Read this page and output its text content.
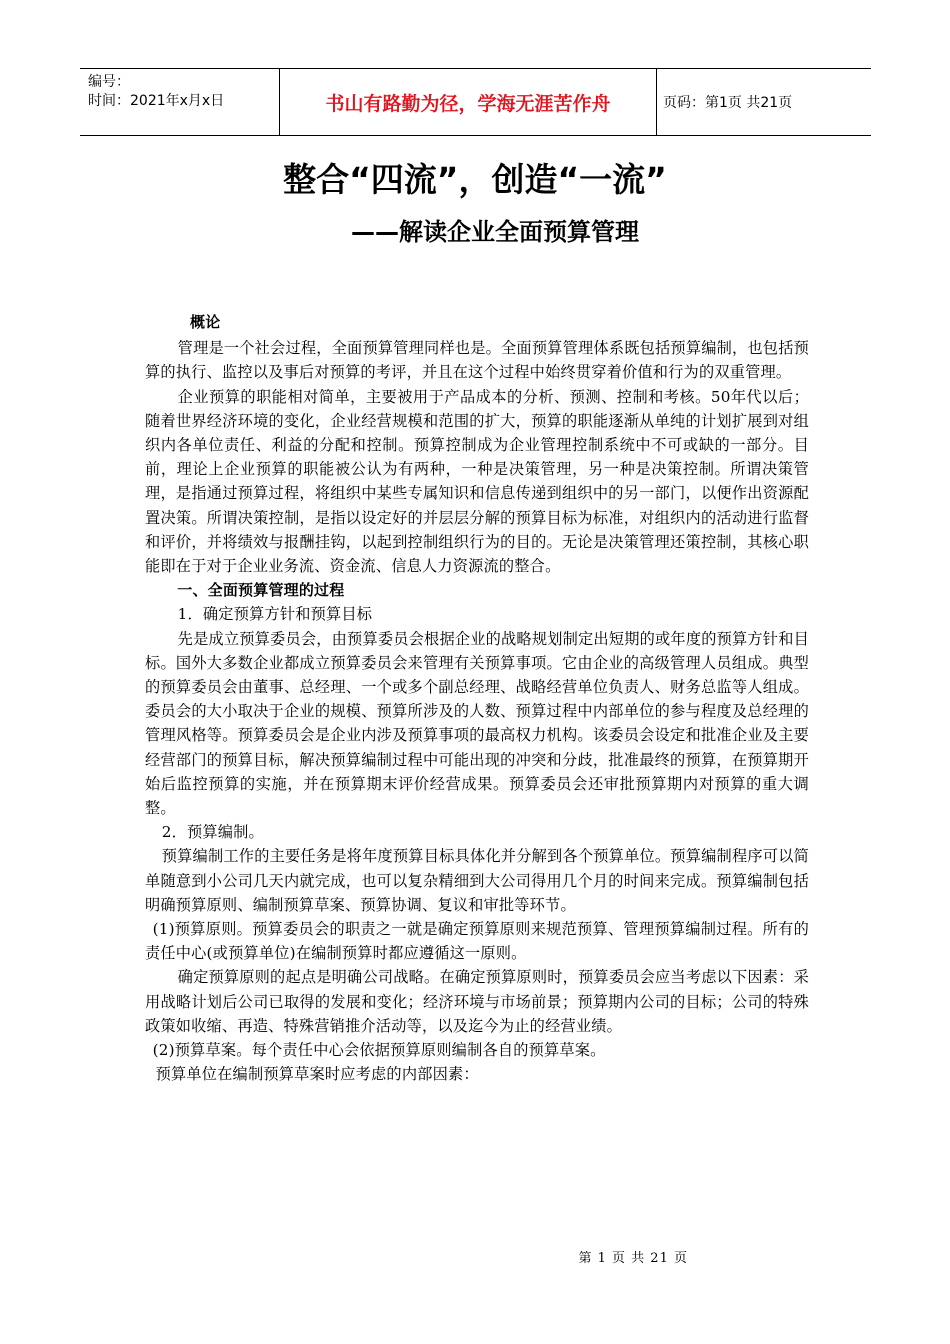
编号：
时间：2021年x月x日	书山有路勤为径，学海无涯苦作舟	页码：第1页 共21页
整合“四流”，创造“一流”
——解读企业全面预算管理

概论

管理是一个社会过程，全面预算管理同样也是。全面预算管理体系既包括预算编制，也包括预算的执行、监控以及事后对预算的考评，并且在这个过程中始终贯穿着价值和行为的双重管理。

企业预算的职能相对简单，主要被用于产品成本的分析、预测、控制和考核。50年代以后；随着世界经济环境的变化，企业经营规模和范围的扩大，预算的职能逐渐从单纯的计划扩展到对组织内各单位责任、利益的分配和控制。预算控制成为企业管理控制系统中不可或缺的一部分。目前，理论上企业预算的职能被公认为有两种，一种是决策管理，另一种是决策控制。所谓决策管理，是指通过预算过程，将组织中某些专属知识和信息传递到组织中的另一部门，以便作出资源配置决策。所谓决策控制，是指以设定好的并层层分解的预算目标为标准，对组织内的活动进行监督和评价，并将绩效与报酬挂钩，以起到控制组织行为的目的。无论是决策管理还策控制，其核心职能即在于对于企业业务流、资金流、信息人力资源流的整合。

一、全面预算管理的过程

1．确定预算方针和预算目标

先是成立预算委员会，由预算委员会根据企业的战略规划制定出短期的或年度的预算方针和目标。国外大多数企业都成立预算委员会来管理有关预算事项。它由企业的高级管理人员组成。典型的预算委员会由董事、总经理、一个或多个副总经理、战略经营单位负责人、财务总监等人组成。委员会的大小取决于企业的规模、预算所涉及的人数、预算过程中内部单位的参与程度及总经理的管理风格等。预算委员会是企业内涉及预算事项的最高权力机构。该委员会设定和批准企业及主要经营部门的预算目标，解决预算编制过程中可能出现的冲突和分歧，批准最终的预算，在预算期开始后监控预算的实施，并在预算期末评价经营成果。预算委员会还审批预算期内对预算的重大调整。

2．预算编制。

预算编制工作的主要任务是将年度预算目标具体化并分解到各个预算单位。预算编制程序可以简单随意到小公司几天内就完成，也可以复杂精细到大公司得用几个月的时间来完成。预算编制包括明确预算原则、编制预算草案、预算协调、复议和审批等环节。

(1)预算原则。预算委员会的职责之一就是确定预算原则来规范预算、管理预算编制过程。所有的责任中心(或预算单位)在编制预算时都应遵循这一原则。

确定预算原则的起点是明确公司战略。在确定预算原则时，预算委员会应当考虑以下因素：采用战略计划后公司已取得的发展和变化；经济环境与市场前景；预算期内公司的目标；公司的特殊政策如收缩、再造、特殊营销推介活动等，以及迄今为止的经营业绩。

(2)预算草案。每个责任中心会依据预算原则编制各自的预算草案。

预算单位在编制预算草案时应考虑的内部因素：

第 1 页 共 21 页
